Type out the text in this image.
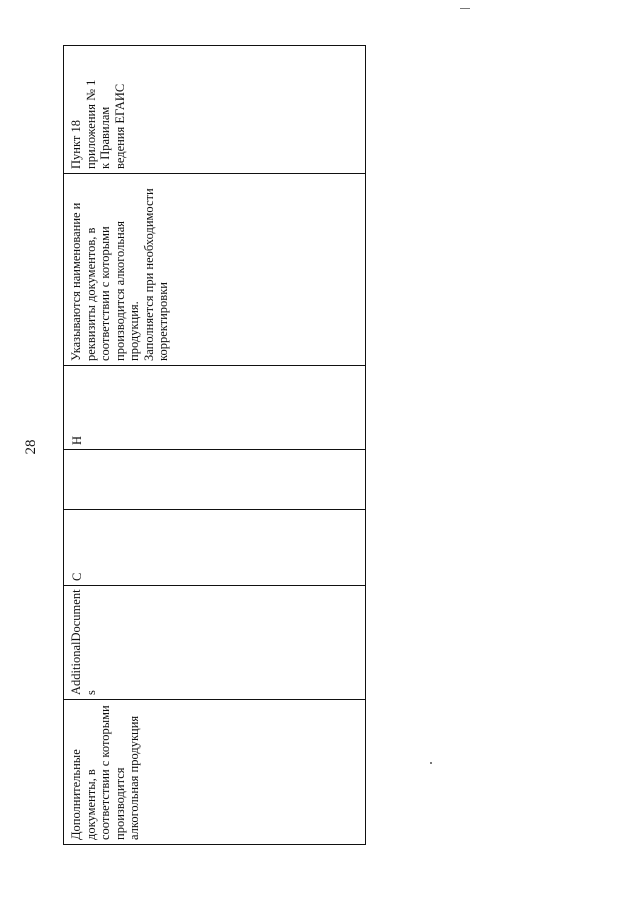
28
Пункт 18
приложения № 1
к Правилам
ведения ЕГАИС
Указываются наименование и реквизиты документов, в соответствии с которыми производится алкогольная продукция.
Заполняется при необходимости корректировки
Н
С
AdditionalDocuments
Дополнительные документы, в соответствии с которыми производится алкогольная продукция
